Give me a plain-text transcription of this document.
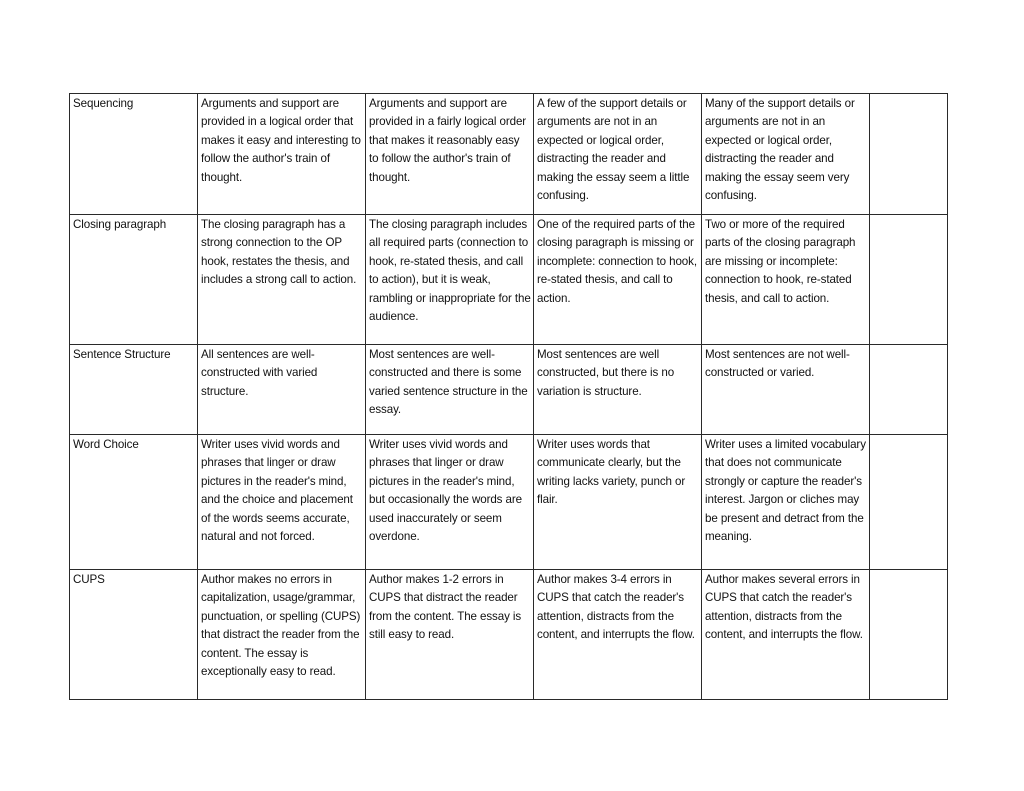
Sequencing	Arguments and support are provided in a logical order that makes it easy and interesting to follow the author's train of thought.	Arguments and support are provided in a fairly logical order that makes it reasonably easy to follow the author's train of thought.	A few of the support details or arguments are not in an expected or logical order, distracting the reader and making the essay seem a little confusing.	Many of the support details or arguments are not in an expected or logical order, distracting the reader and making the essay seem very confusing.	
Closing paragraph	The closing paragraph has a strong connection to the OP hook, restates the thesis, and includes a strong call to action.	The closing paragraph includes all required parts (connection to hook, re-stated thesis, and call to action), but it is weak, rambling or inappropriate for the audience.	One of the required parts of the closing paragraph is missing or incomplete: connection to hook, re-stated thesis, and call to action.	Two or more of the required parts of the closing paragraph are missing or incomplete: connection to hook, re-stated thesis, and call to action.	
Sentence Structure	All sentences are well-constructed with varied structure.	Most sentences are well-constructed and there is some varied sentence structure in the essay.	Most sentences are well constructed, but there is no variation is structure.	Most sentences are not well-constructed or varied.	
Word Choice	Writer uses vivid words and phrases that linger or draw pictures in the reader's mind, and the choice and placement of the words seems accurate, natural and not forced.	Writer uses vivid words and phrases that linger or draw pictures in the reader's mind, but occasionally the words are used inaccurately or seem overdone.	Writer uses words that communicate clearly, but the writing lacks variety, punch or flair.	Writer uses a limited vocabulary that does not communicate strongly or capture the reader's interest. Jargon or cliches may be present and detract from the meaning.	
CUPS	Author makes no errors in capitalization, usage/grammar, punctuation, or spelling (CUPS) that distract the reader from the content. The essay is exceptionally easy to read.	Author makes 1-2 errors in CUPS that distract the reader from the content. The essay is still easy to read.	Author makes 3-4 errors in CUPS that catch the reader's attention, distracts from the content, and interrupts the flow.	Author makes several errors in CUPS that catch the reader's attention, distracts from the content, and interrupts the flow.	
